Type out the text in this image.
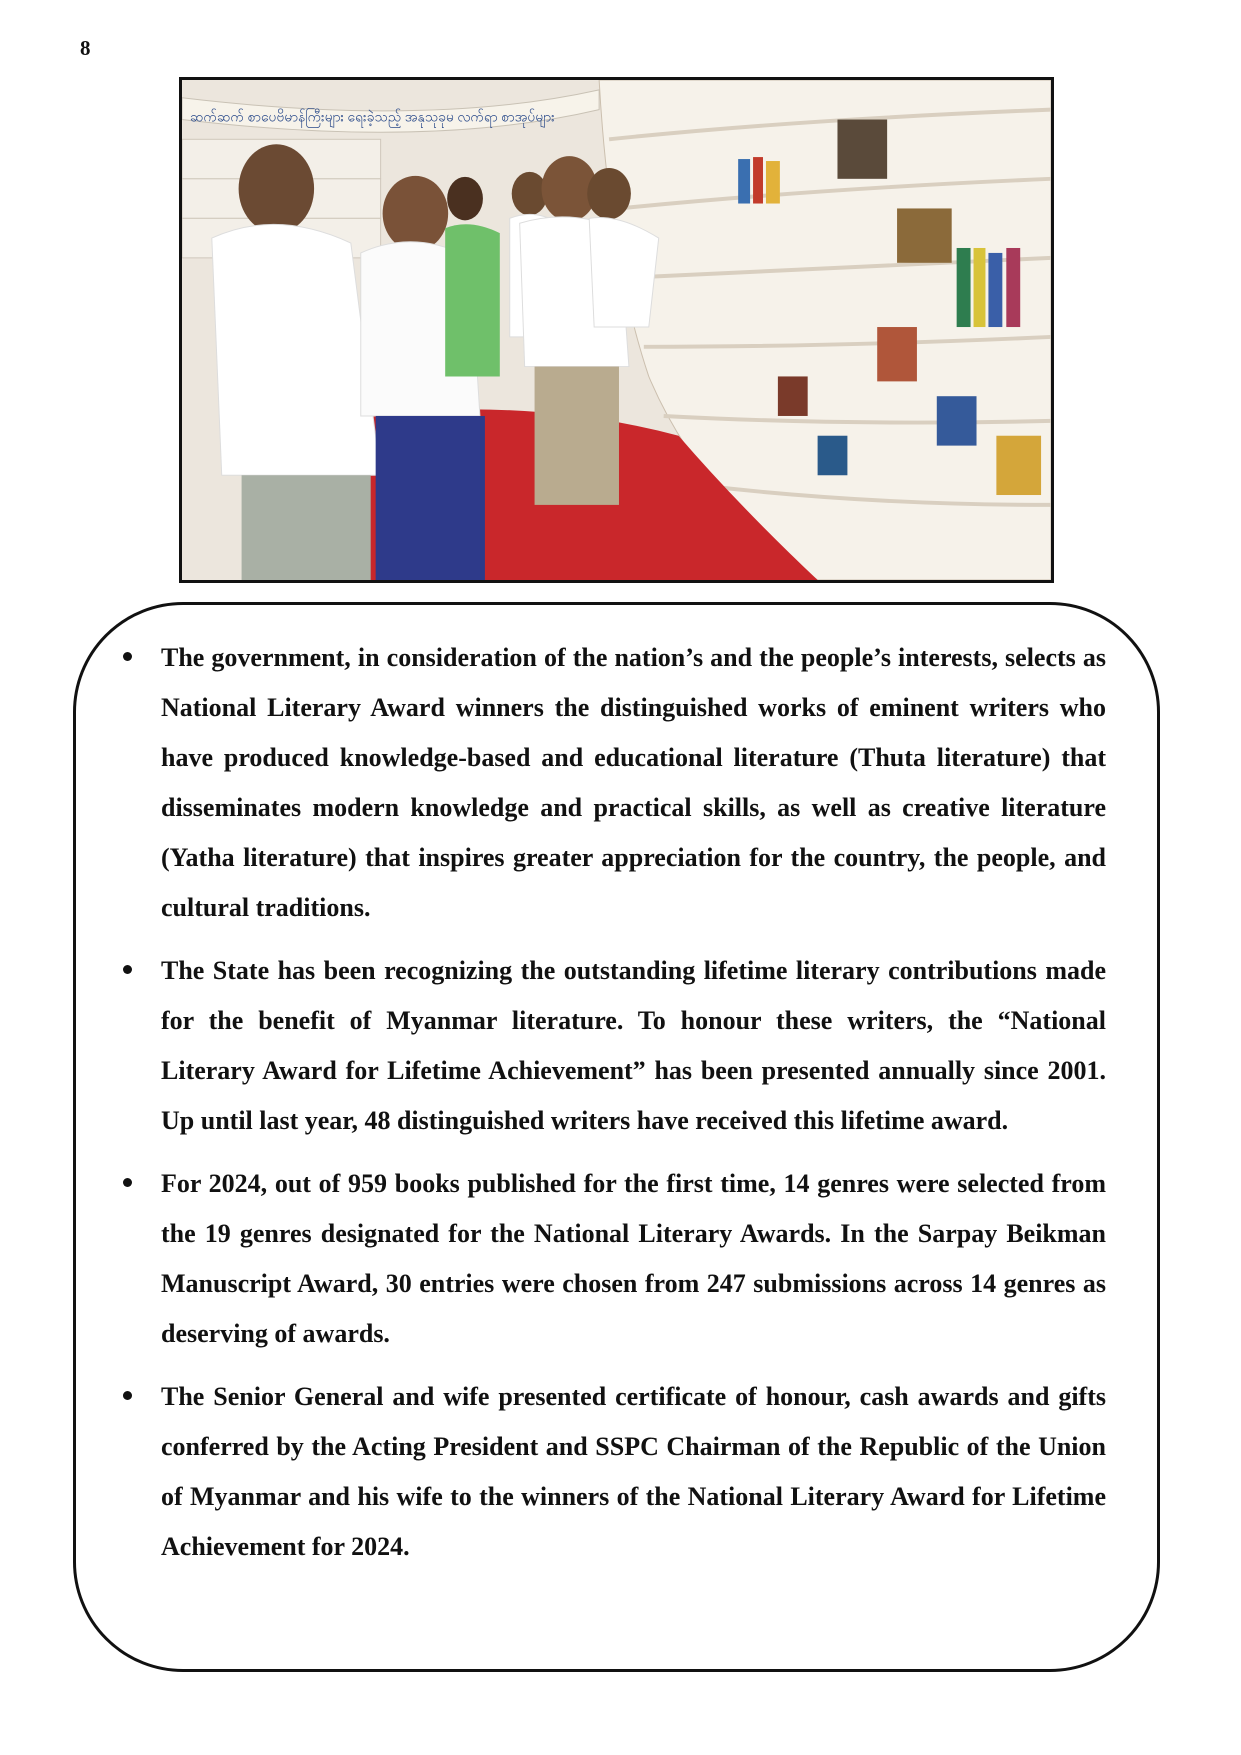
8
ဆက်ဆက် စာပေဗိမာန်ကြီးများ ရေးခဲ့သည့် အနုသုခုမ လက်ရာ စာအုပ်များ
The government, in consideration of the nation’s and the people’s interests, selects as National Literary Award winners the distinguished works of eminent writers who have produced knowledge-based and educational literature (Thuta literature) that disseminates modern knowledge and practical skills, as well as creative literature (Yatha literature) that inspires greater appreciation for the country, the people, and cultural traditions.
The State has been recognizing the outstanding lifetime literary contributions made for the benefit of Myanmar literature. To honour these writers, the “National Literary Award for Lifetime Achievement” has been presented annually since 2001. Up until last year, 48 distinguished writers have received this lifetime award.
For 2024, out of 959 books published for the first time, 14 genres were selected from the 19 genres designated for the National Literary Awards. In the Sarpay Beikman Manuscript Award, 30 entries were chosen from 247 submissions across 14 genres as deserving of awards.
The Senior General and wife presented certificate of honour, cash awards and gifts conferred by the Acting President and SSPC Chairman of the Republic of the Union of Myanmar and his wife to the winners of the National Literary Award for Lifetime Achievement for 2024.
